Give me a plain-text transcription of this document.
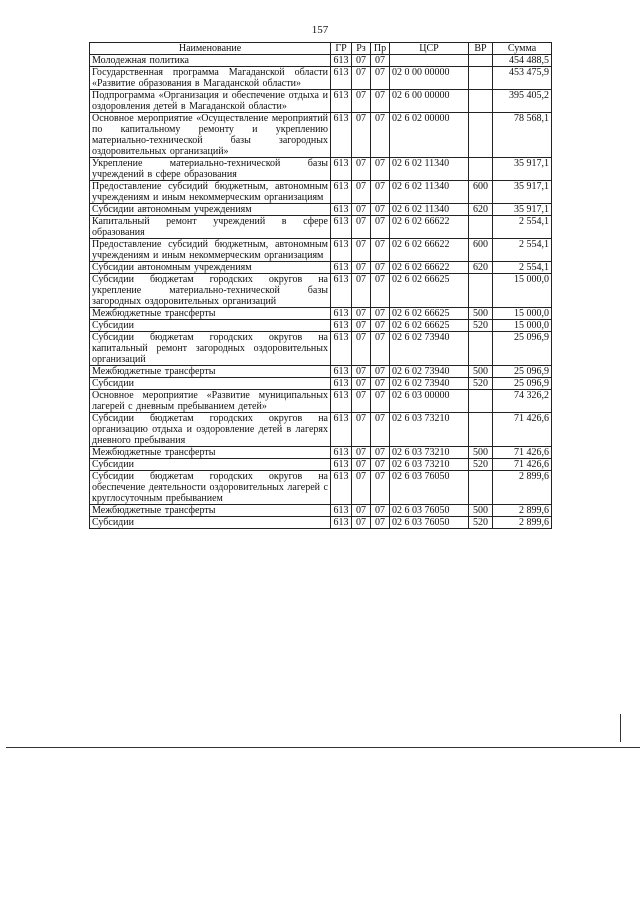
157
Наименование	ГР	Рз	Пр	ЦСР	ВР	Сумма
Молодежная политика	613	07	07			454 488,5
Государственная программа Магаданской области «Развитие образования в Магаданской области»	613	07	07	02 0 00 00000		453 475,9
Подпрограмма «Организация и обеспечение отдыха и оздоровления детей в Магаданской области»	613	07	07	02 6 00 00000		395 405,2
Основное мероприятие «Осуществление мероприятий по капитальному ремонту и укреплению материально-технической базы загородных оздоровительных организаций»	613	07	07	02 6 02 00000		78 568,1
Укрепление материально-технической базы учреждений в сфере образования	613	07	07	02 6 02 11340		35 917,1
Предоставление субсидий бюджетным, автономным учреждениям и иным некоммерческим организациям	613	07	07	02 6 02 11340	600	35 917,1
Субсидии автономным учреждениям	613	07	07	02 6 02 11340	620	35 917,1
Капитальный ремонт учреждений в сфере образования	613	07	07	02 6 02 66622		2 554,1
Предоставление субсидий бюджетным, автономным учреждениям и иным некоммерческим организациям	613	07	07	02 6 02 66622	600	2 554,1
Субсидии автономным учреждениям	613	07	07	02 6 02 66622	620	2 554,1
Субсидии бюджетам городских округов на укрепление материально-технической базы загородных оздоровительных организаций	613	07	07	02 6 02 66625		15 000,0
Межбюджетные трансферты	613	07	07	02 6 02 66625	500	15 000,0
Субсидии	613	07	07	02 6 02 66625	520	15 000,0
Субсидии бюджетам городских округов на капитальный ремонт загородных оздоровительных организаций	613	07	07	02 6 02 73940		25 096,9
Межбюджетные трансферты	613	07	07	02 6 02 73940	500	25 096,9
Субсидии	613	07	07	02 6 02 73940	520	25 096,9
Основное мероприятие «Развитие муниципальных лагерей с дневным пребыванием детей»	613	07	07	02 6 03 00000		74 326,2
Субсидии бюджетам городских округов на организацию отдыха и оздоровление детей в лагерях дневного пребывания	613	07	07	02 6 03 73210		71 426,6
Межбюджетные трансферты	613	07	07	02 6 03 73210	500	71 426,6
Субсидии	613	07	07	02 6 03 73210	520	71 426,6
Субсидии бюджетам городских округов на обеспечение деятельности оздоровительных лагерей с круглосуточным пребыванием	613	07	07	02 6 03 76050		2 899,6
Межбюджетные трансферты	613	07	07	02 6 03 76050	500	2 899,6
Субсидии	613	07	07	02 6 03 76050	520	2 899,6
